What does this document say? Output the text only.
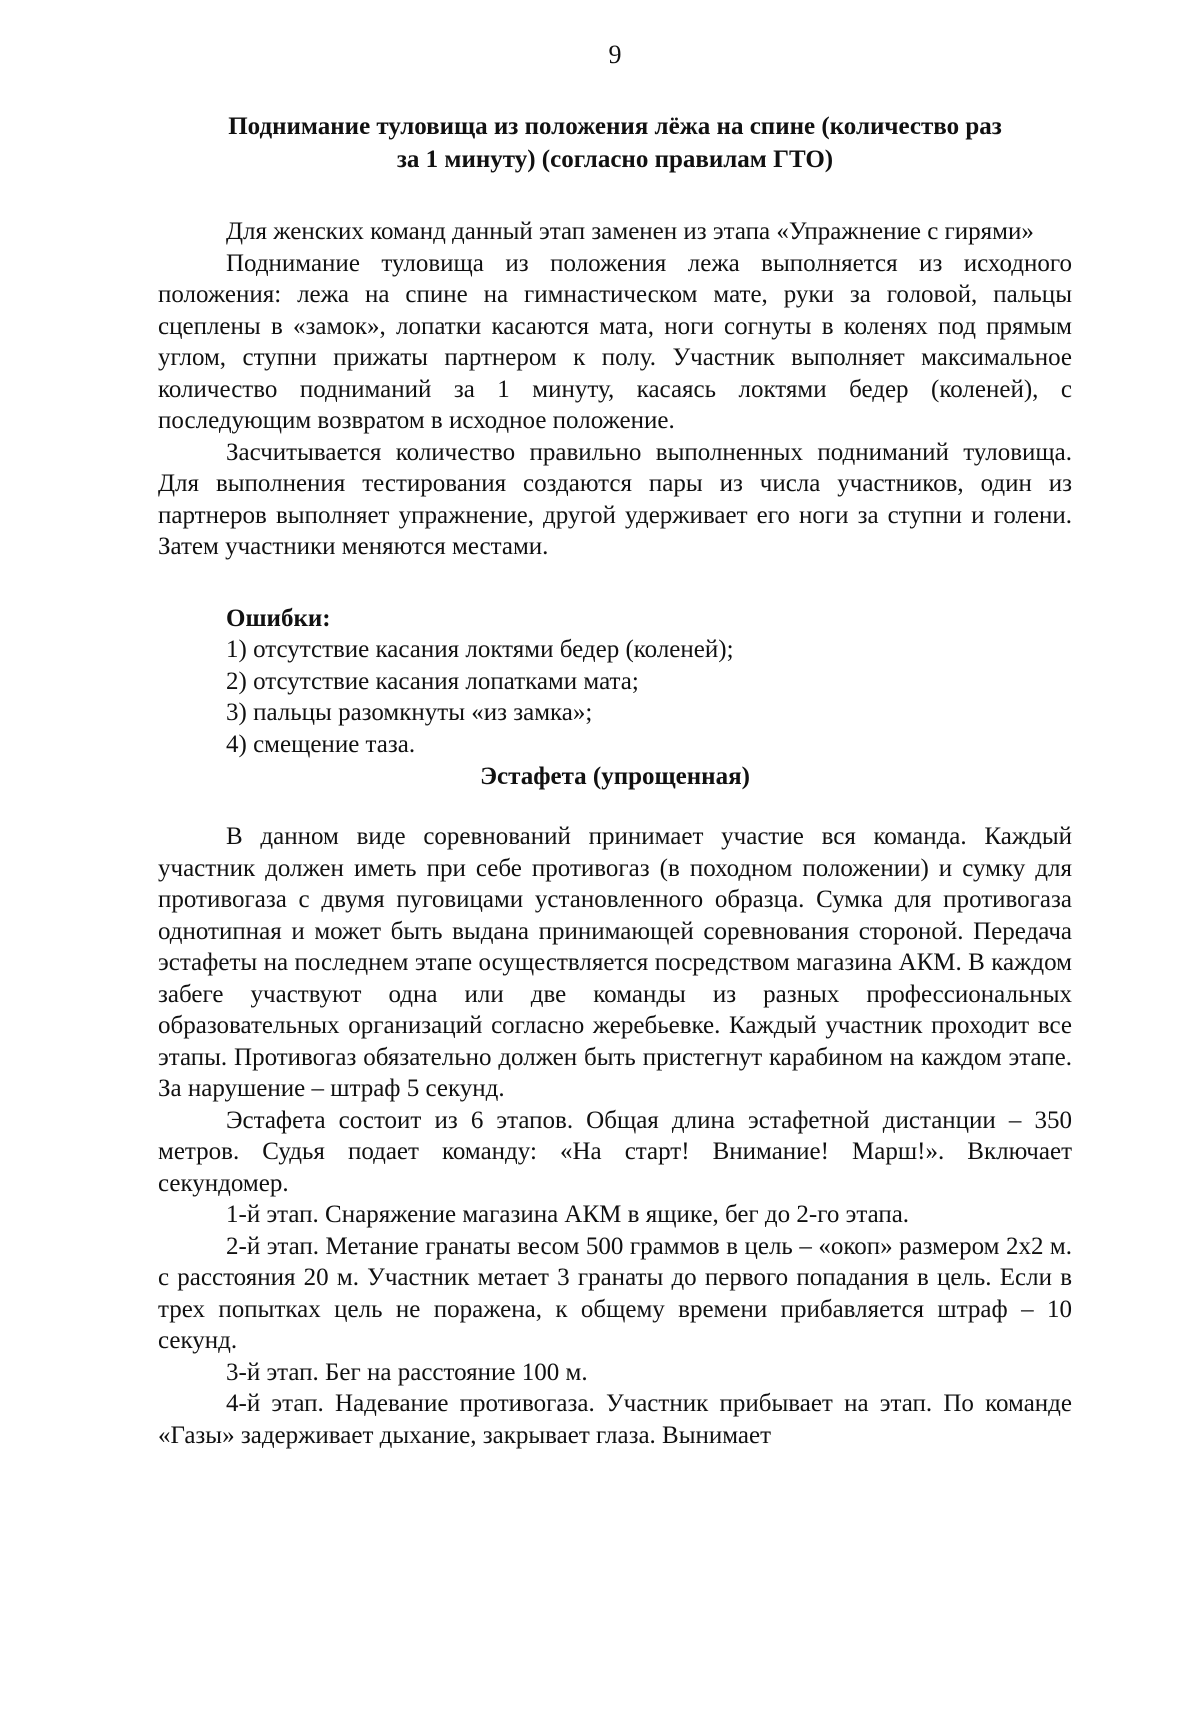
9
Поднимание туловища из положения лёжа на спине (количество раз
за 1 минуту) (согласно правилам ГТО)

Для женских команд данный этап заменен из этапа «Упражнение с гирями»

Поднимание туловища из положения лежа выполняется из исходного положения: лежа на спине на гимнастическом мате, руки за головой, пальцы сцеплены в «замок», лопатки касаются мата, ноги согнуты в коленях под прямым углом, ступни прижаты партнером к полу. Участник выполняет максимальное количество подниманий за 1 минуту, касаясь локтями бедер (коленей), с последующим возвратом в исходное положение.

Засчитывается количество правильно выполненных подниманий туловища. Для выполнения тестирования создаются пары из числа участников, один из партнеров выполняет упражнение, другой удерживает его ноги за ступни и голени. Затем участники меняются местами.

Ошибки:
1) отсутствие касания локтями бедер (коленей);
2) отсутствие касания лопатками мата;
3) пальцы разомкнуты «из замка»;
4) смещение таза.
Эстафета (упрощенная)

В данном виде соревнований принимает участие вся команда. Каждый участник должен иметь при себе противогаз (в походном положении) и сумку для противогаза с двумя пуговицами установленного образца. Сумка для противогаза однотипная и может быть выдана принимающей соревнования стороной. Передача эстафеты на последнем этапе осуществляется посредством магазина АКМ. В каждом забеге участвуют одна или две команды из разных профессиональных образовательных организаций согласно жеребьевке. Каждый участник проходит все этапы. Противогаз обязательно должен быть пристегнут карабином на каждом этапе. За нарушение – штраф 5 секунд.

Эстафета состоит из 6 этапов. Общая длина эстафетной дистанции – 350 метров. Судья подает команду: «На старт! Внимание! Марш!». Включает секундомер.

1-й этап. Снаряжение магазина АКМ в ящике, бег до 2-го этапа.

2-й этап. Метание гранаты весом 500 граммов в цель – «окоп» размером 2х2 м. с расстояния 20 м. Участник метает 3 гранаты до первого попадания в цель. Если в трех попытках цель не поражена, к общему времени прибавляется штраф – 10 секунд.

3-й этап. Бег на расстояние 100 м.

4-й этап. Надевание противогаза. Участник прибывает на этап. По команде «Газы» задерживает дыхание, закрывает глаза. Вынимает
